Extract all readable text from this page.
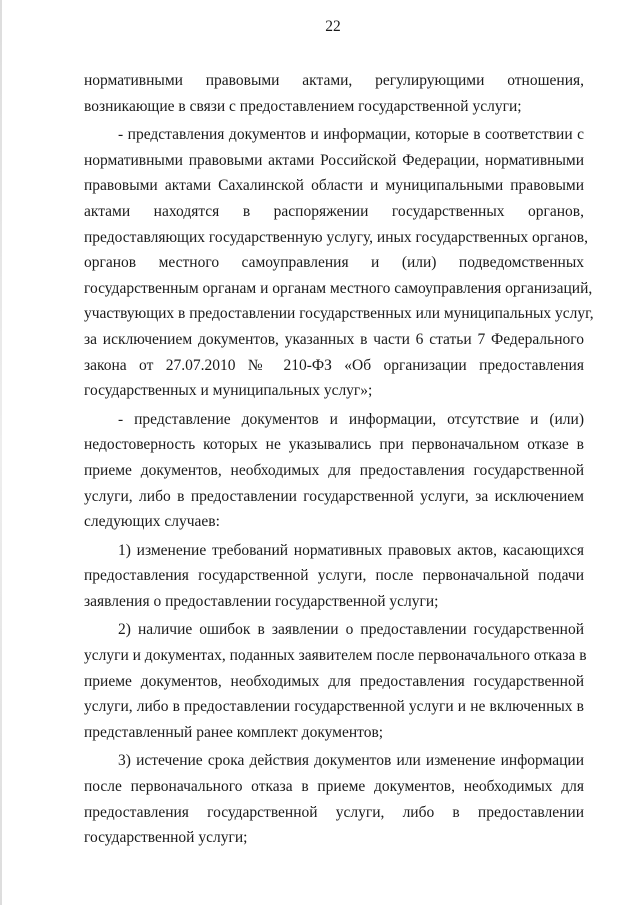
22
нормативными правовыми актами, регулирующими отношения,
возникающие в связи с предоставлением государственной услуги;
- представления документов и информации, которые в соответствии с
нормативными правовыми актами Российской Федерации, нормативными
правовыми актами Сахалинской области и муниципальными правовыми
актами находятся в распоряжении государственных органов,
предоставляющих государственную услугу, иных государственных органов,
органов местного самоуправления и (или) подведомственных
государственным органам и органам местного самоуправления организаций,
участвующих в предоставлении государственных или муниципальных услуг,
за исключением документов, указанных в части 6 статьи 7 Федерального
закона от 27.07.2010 № 210-ФЗ «Об организации предоставления
государственных и муниципальных услуг»;
- представление документов и информации, отсутствие и (или)
недостоверность которых не указывались при первоначальном отказе в
приеме документов, необходимых для предоставления государственной
услуги, либо в предоставлении государственной услуги, за исключением
следующих случаев:
1) изменение требований нормативных правовых актов, касающихся
предоставления государственной услуги, после первоначальной подачи
заявления о предоставлении государственной услуги;
2) наличие ошибок в заявлении о предоставлении государственной
услуги и документах, поданных заявителем после первоначального отказа в
приеме документов, необходимых для предоставления государственной
услуги, либо в предоставлении государственной услуги и не включенных в
представленный ранее комплект документов;
3) истечение срока действия документов или изменение информации
после первоначального отказа в приеме документов, необходимых для
предоставления государственной услуги, либо в предоставлении
государственной услуги;
